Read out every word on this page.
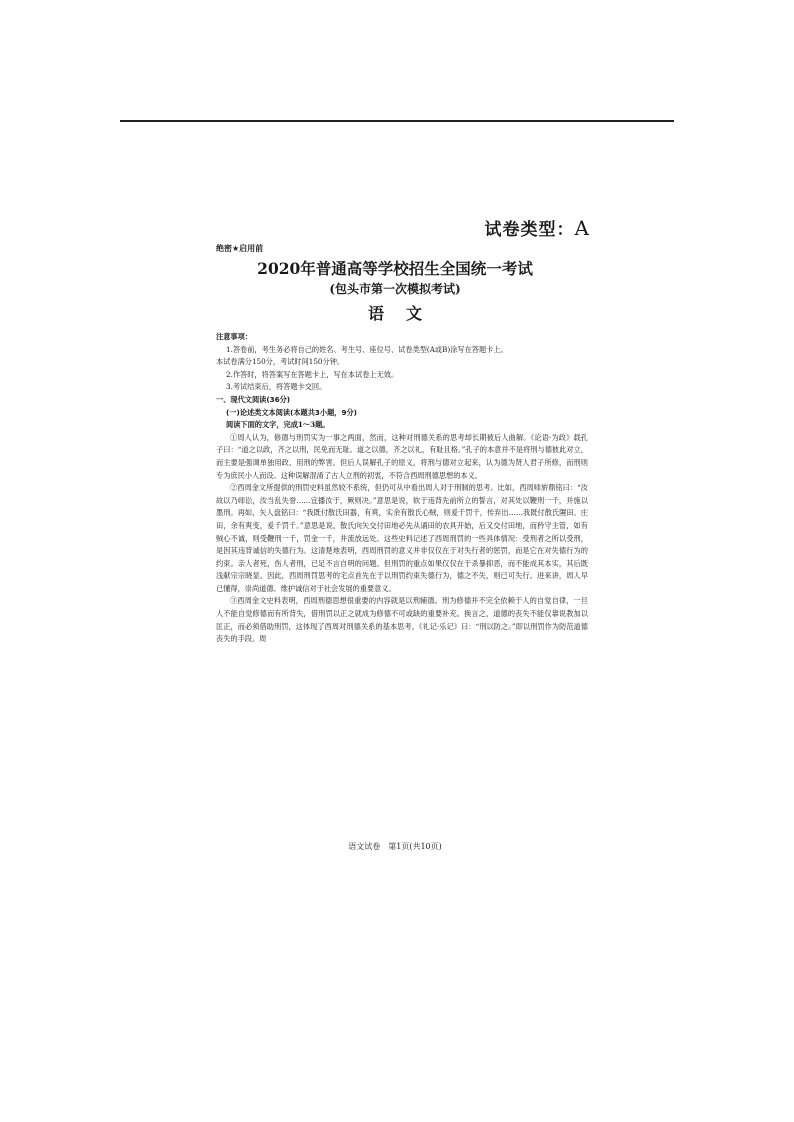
试卷类型：A
绝密★启用前
2020年普通高等学校招生全国统一考试
(包头市第一次模拟考试)
语文

注意事项：

1.答卷前，考生务必将自己的姓名、考生号、座位号、试卷类型(A或B)涂写在答题卡上。

本试卷满分150分，考试时间150分钟。

2.作答时，将答案写在答题卡上，写在本试卷上无效。

3.考试结束后，将答题卡交回。

一、现代文阅读(36分)

(一)论述类文本阅读(本题共3小题，9分)

阅读下面的文字，完成1～3题。

①周人认为，修德与刑罚实为一事之两面，然而，这种对刑德关系的思考却长期被后人曲解。《论语·为政》载孔子曰：“道之以政，齐之以刑，民免而无耻。道之以德，齐之以礼，有耻且格。”孔子的本意并不是将刑与德彼此对立，而主要是强调单独用政、用刑的弊害。但后人误解孔子的原义，将刑与德对立起来，认为德为贤人君子所修，而刑则专为庶民小人而设。这种误解混淆了古人立刑的初衷，不符合西周刑德思想的本义。

②西周金文所提供的刑罚史料虽然较不系统，但仍可从中看出周人对于刑制的思考。比如，西周师旂鼎铭曰：“汝故以乃师讼，汝当乱失誉……宜播汝于，厥则决。”意思是说，软于违背先前所立的誓言，对其处以鞭刑一千，并施以墨刑。再如，矢人盘铭曰：“我既付散氏田器，有爽，实余有散氏心贼，则爰千罚千，传弃出……我既付散氏隰田、庄田，余有爽变，爰千罚千。”意思是说，散氏向矢交付田地必先从诵田的农具开始，后又交付田地，而矜守主管，如有贼心不诚，则受鞭刑一千，罚金一千，并流放远处。这些史料记述了西周刑罚的一些具体情况：受刑者之所以受刑，是因其违背诚信的失德行为。这清楚地表明，西周刑罚的意义并非仅仅在于对失行者的惩罚，而是它在对失德行为的约束。亲人者死，伤人者刑，已足不言自明的问题。但刑罚的重点如果仅仅在于杀暴抑恶，而不能成其本实，其后既浅献宗宗晓显。因此，西周刑罚思考的宅点首先在于以刑罚约束失德行为，德之不失，则已可失行。进来讲，周人早已懂得，崇尚道德、维护诚信对于社会发展的重要意义。

③西周金文史料表明，西周刑德思想很重要的内容就是以刑辅德。刑为修德并不完全依赖于人的自觉自律，一旦人不能自觉修德而有所背失，借刑罚以正之就成为修德不可或缺的重要补充。换言之，道德的丧失不能仅靠说教加以匡正，而必须借助刑罚，这体现了西周对刑德关系的基本思考。《礼记·乐记》曰：“刑以防之。”即以刑罚作为防范道德丧失的手段。周

语文试卷　第1页(共10页)
